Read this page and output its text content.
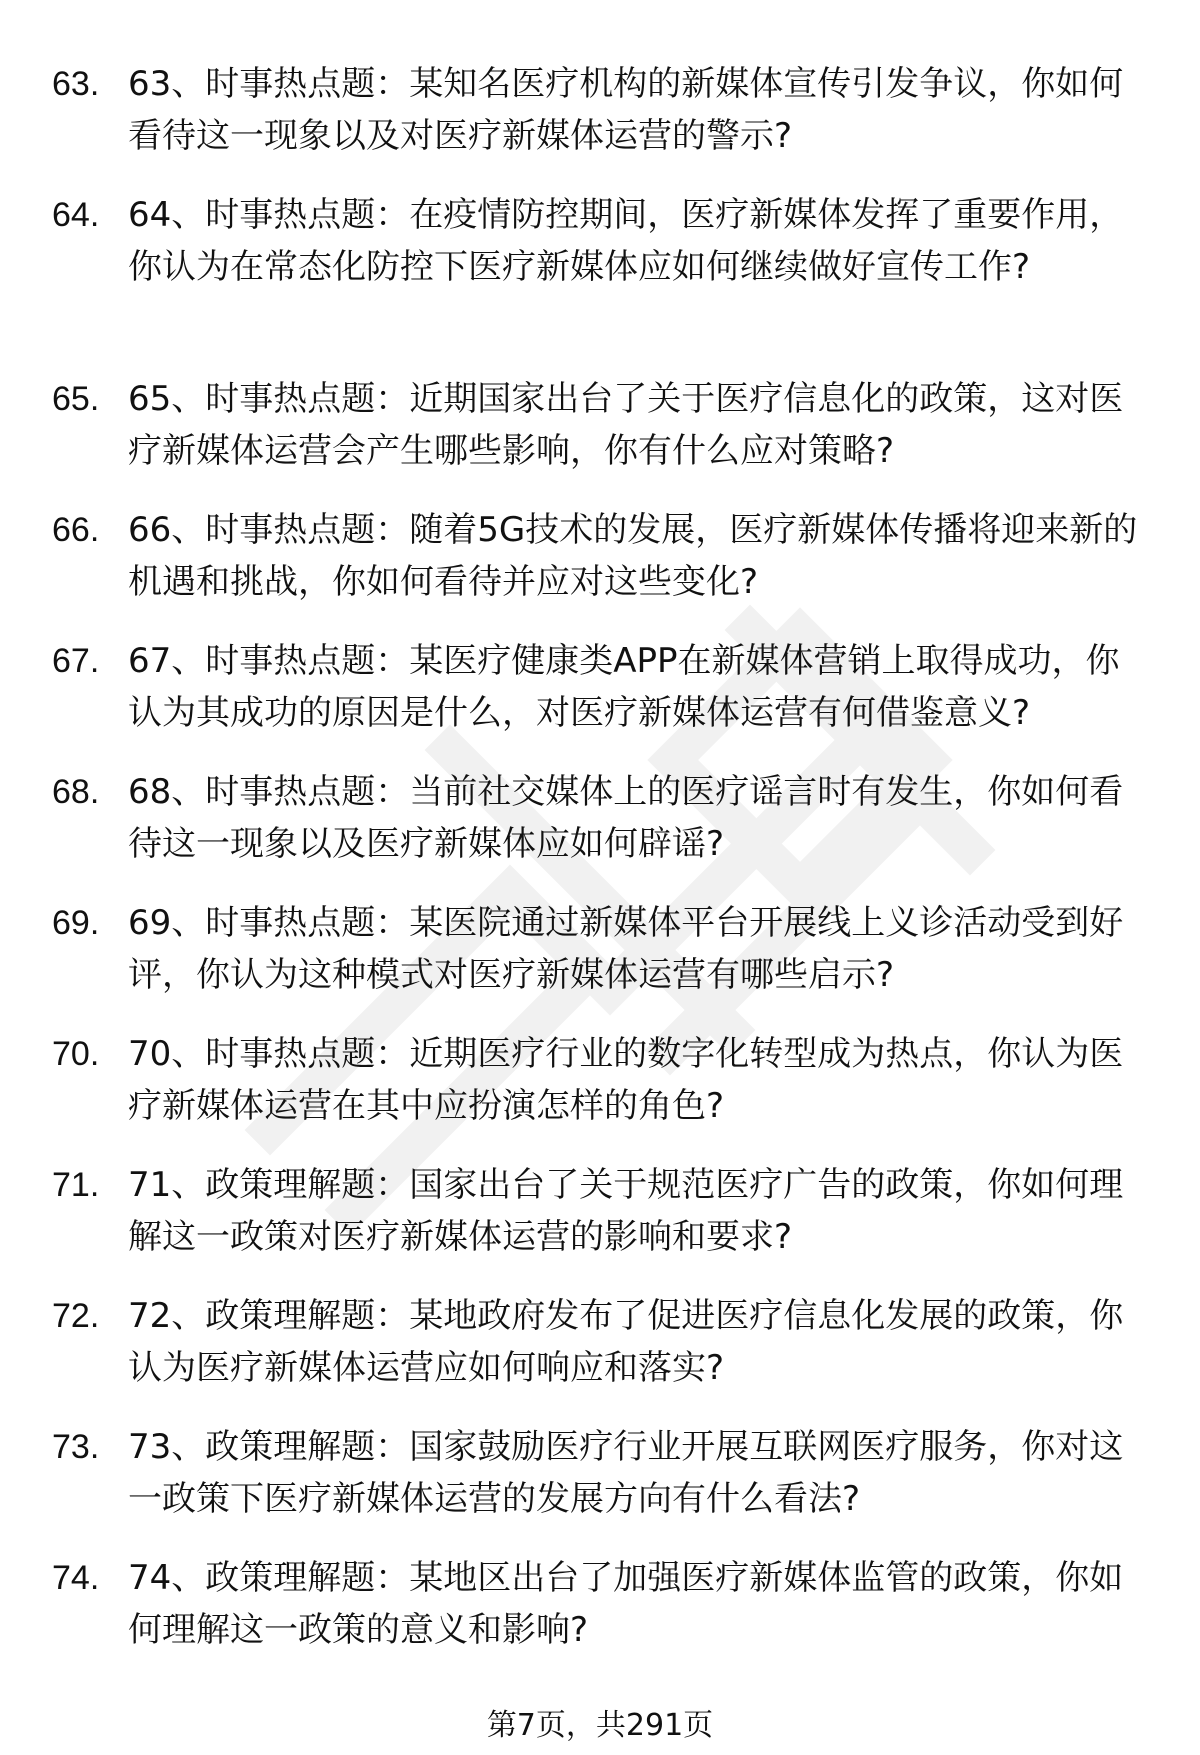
63. 63、时事热点题：某知名医疗机构的新媒体宣传引发争议，你如何看待这一现象以及对医疗新媒体运营的警示?
64. 64、时事热点题：在疫情防控期间，医疗新媒体发挥了重要作用，你认为在常态化防控下医疗新媒体应如何继续做好宣传工作?
65. 65、时事热点题：近期国家出台了关于医疗信息化的政策，这对医疗新媒体运营会产生哪些影响，你有什么应对策略?
66. 66、时事热点题：随着5G技术的发展，医疗新媒体传播将迎来新的机遇和挑战，你如何看待并应对这些变化?
67. 67、时事热点题：某医疗健康类APP在新媒体营销上取得成功，你认为其成功的原因是什么，对医疗新媒体运营有何借鉴意义?
68. 68、时事热点题：当前社交媒体上的医疗谣言时有发生，你如何看待这一现象以及医疗新媒体应如何辟谣?
69. 69、时事热点题：某医院通过新媒体平台开展线上义诊活动受到好评，你认为这种模式对医疗新媒体运营有哪些启示?
70. 70、时事热点题：近期医疗行业的数字化转型成为热点，你认为医疗新媒体运营在其中应扮演怎样的角色?
71. 71、政策理解题：国家出台了关于规范医疗广告的政策，你如何理解这一政策对医疗新媒体运营的影响和要求?
72. 72、政策理解题：某地政府发布了促进医疗信息化发展的政策，你认为医疗新媒体运营应如何响应和落实?
73. 73、政策理解题：国家鼓励医疗行业开展互联网医疗服务，你对这一政策下医疗新媒体运营的发展方向有什么看法?
74. 74、政策理解题：某地区出台了加强医疗新媒体监管的政策，你如何理解这一政策的意义和影响?
第7页，共291页
